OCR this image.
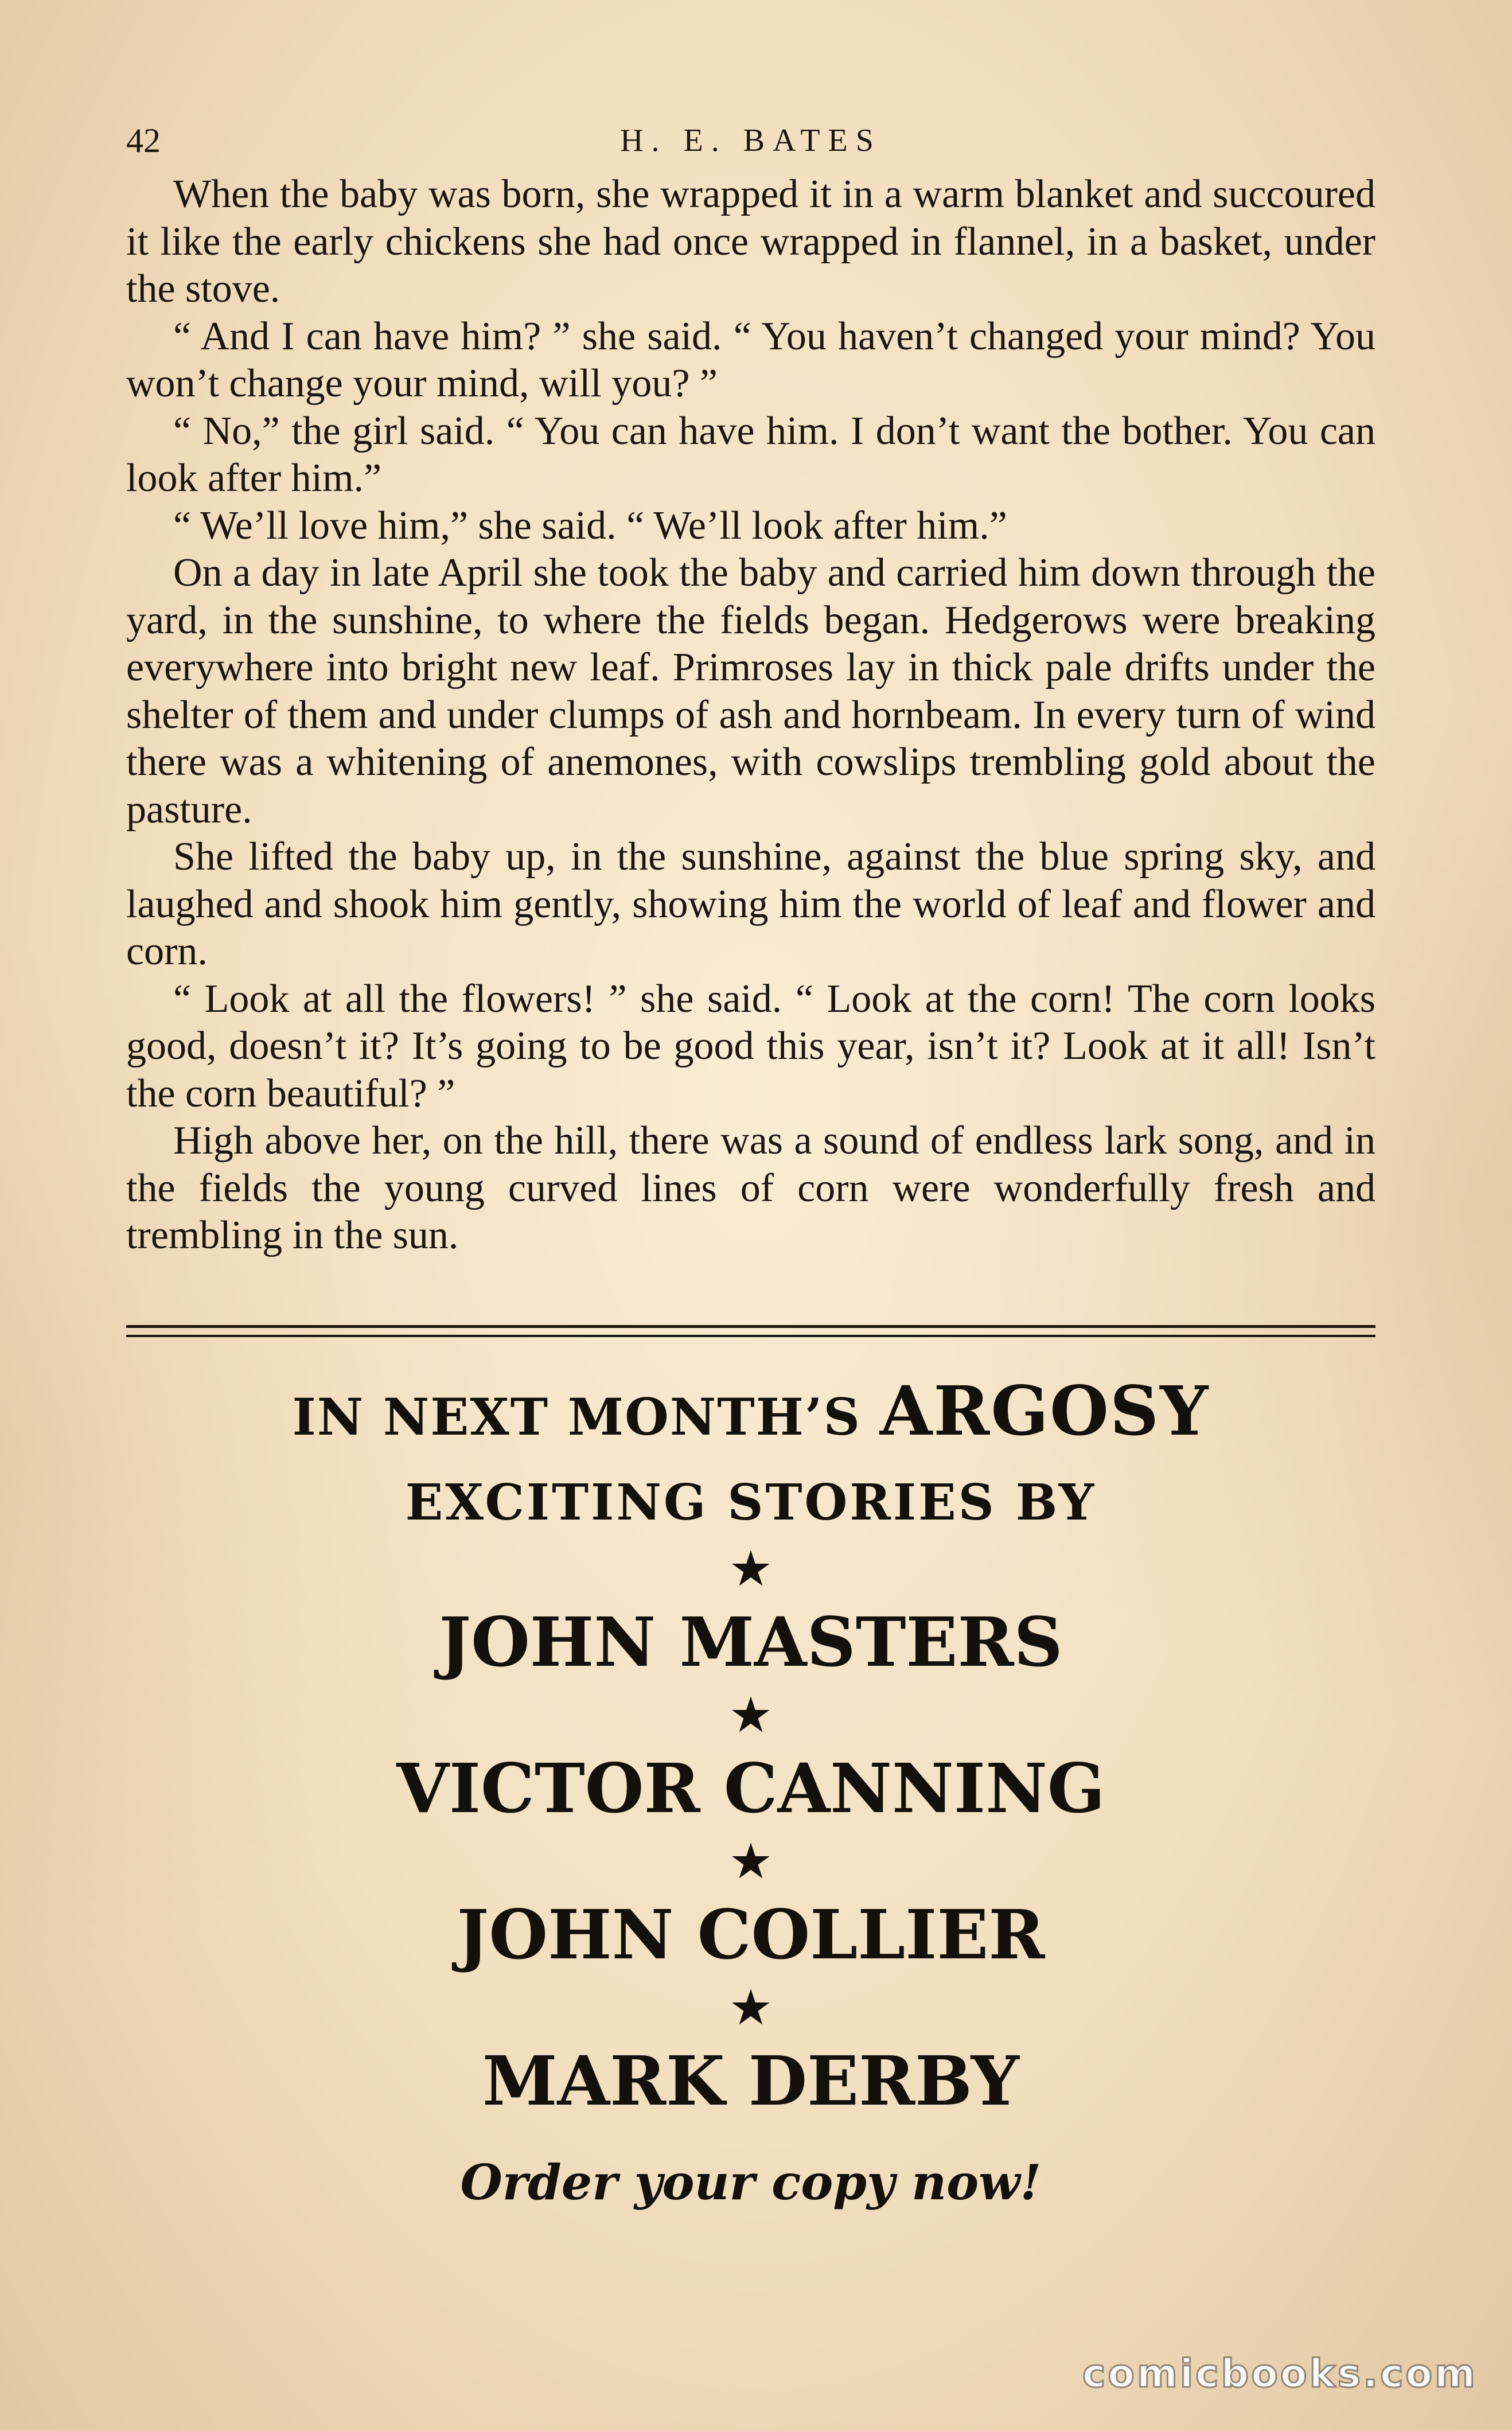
42	H. E. BATES

When the baby was born, she wrapped it in a warm blanket and succoured it like the early chickens she had once wrapped in flannel, in a basket, under the stove.

“ And I can have him? ” she said. “ You haven’t changed your mind? You won’t change your mind, will you? ”

“ No,” the girl said. “ You can have him. I don’t want the bother. You can look after him.”

“ We’ll love him,” she said. “ We’ll look after him.”

On a day in late April she took the baby and carried him down through the yard, in the sunshine, to where the fields began. Hedgerows were breaking everywhere into bright new leaf. Primroses lay in thick pale drifts under the shelter of them and under clumps of ash and hornbeam. In every turn of wind there was a whitening of anemones, with cowslips trembling gold about the pasture.

She lifted the baby up, in the sunshine, against the blue spring sky, and laughed and shook him gently, showing him the world of leaf and flower and corn.

“ Look at all the flowers! ” she said. “ Look at the corn! The corn looks good, doesn’t it? It’s going to be good this year, isn’t it? Look at it all! Isn’t the corn beautiful? ”

High above her, on the hill, there was a sound of endless lark song, and in the fields the young curved lines of corn were wonderfully fresh and trembling in the sun.

IN NEXT MONTH’S ARGOSY
EXCITING STORIES BY
★
JOHN MASTERS
★
VICTOR CANNING
★
JOHN COLLIER
★
MARK DERBY
Order your copy now!
comicbooks.com
